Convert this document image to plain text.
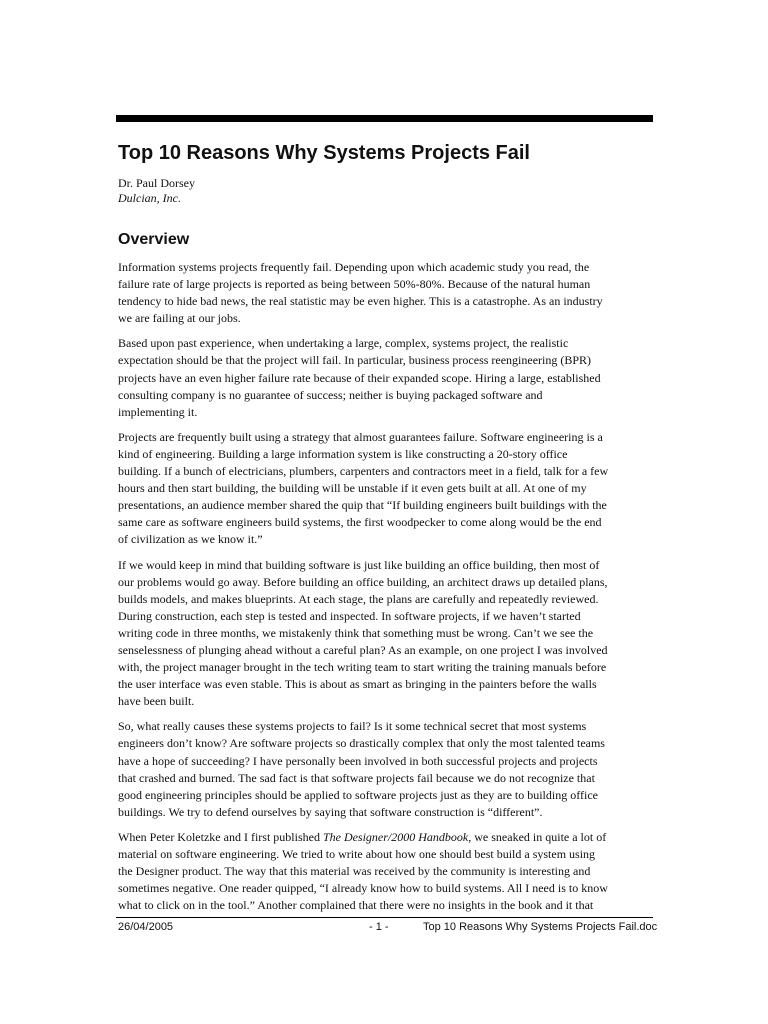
Top 10 Reasons Why Systems Projects Fail
Dr. Paul Dorsey
Dulcian, Inc.
Overview

Information systems projects frequently fail. Depending upon which academic study you read, the
failure rate of large projects is reported as being between 50%-80%. Because of the natural human
tendency to hide bad news, the real statistic may be even higher. This is a catastrophe. As an industry
we are failing at our jobs.

Based upon past experience, when undertaking a large, complex, systems project, the realistic
expectation should be that the project will fail. In particular, business process reengineering (BPR)
projects have an even higher failure rate because of their expanded scope. Hiring a large, established
consulting company is no guarantee of success; neither is buying packaged software and
implementing it.

Projects are frequently built using a strategy that almost guarantees failure. Software engineering is a
kind of engineering. Building a large information system is like constructing a 20-story office
building. If a bunch of electricians, plumbers, carpenters and contractors meet in a field, talk for a few
hours and then start building, the building will be unstable if it even gets built at all. At one of my
presentations, an audience member shared the quip that “If building engineers built buildings with the
same care as software engineers build systems, the first woodpecker to come along would be the end
of civilization as we know it.”

If we would keep in mind that building software is just like building an office building, then most of
our problems would go away. Before building an office building, an architect draws up detailed plans,
builds models, and makes blueprints. At each stage, the plans are carefully and repeatedly reviewed.
During construction, each step is tested and inspected. In software projects, if we haven’t started
writing code in three months, we mistakenly think that something must be wrong. Can’t we see the
senselessness of plunging ahead without a careful plan? As an example, on one project I was involved
with, the project manager brought in the tech writing team to start writing the training manuals before
the user interface was even stable. This is about as smart as bringing in the painters before the walls
have been built.

So, what really causes these systems projects to fail? Is it some technical secret that most systems
engineers don’t know? Are software projects so drastically complex that only the most talented teams
have a hope of succeeding? I have personally been involved in both successful projects and projects
that crashed and burned. The sad fact is that software projects fail because we do not recognize that
good engineering principles should be applied to software projects just as they are to building office
buildings. We try to defend ourselves by saying that software construction is “different”.

When Peter Koletzke and I first published The Designer/2000 Handbook, we sneaked in quite a lot of
material on software engineering. We tried to write about how one should best build a system using
the Designer product. The way that this material was received by the community is interesting and
sometimes negative. One reader quipped, “I already know how to build systems. All I need is to know
what to click on in the tool.” Another complained that there were no insights in the book and it that

26/04/2005	- 1 -	Top 10 Reasons Why Systems Projects Fail.doc
